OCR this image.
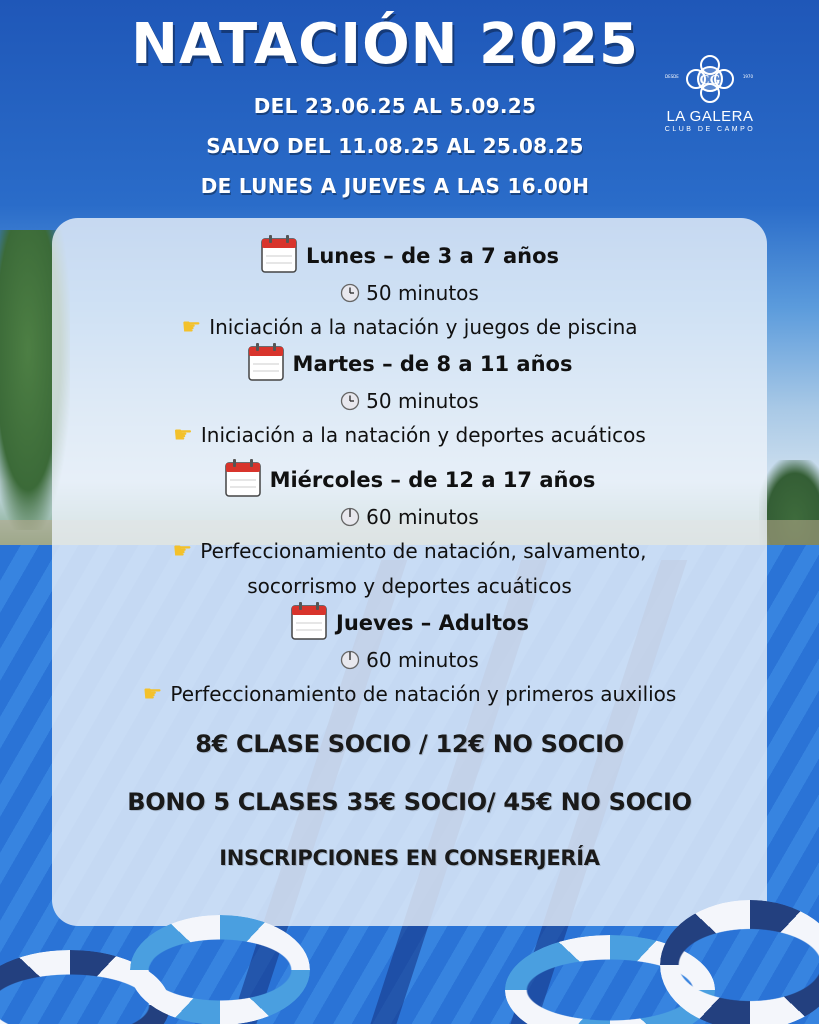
NATACIÓN 2025
DEL 23.06.25 AL 5.09.25
SALVO DEL 11.08.25 AL 25.08.25
DE LUNES A JUEVES A LAS 16.00H
CG
DESDE	1970
LA GALERA
CLUB DE CAMPO
Lunes – de 3 a 7 años
50 minutos
☛ Iniciación a la natación y juegos de piscina
Martes – de 8 a 11 años
50 minutos
☛ Iniciación a la natación y deportes acuáticos
Miércoles – de 12 a 17 años
60 minutos
☛ Perfeccionamiento de natación, salvamento,
socorrismo y deportes acuáticos
Jueves – Adultos
60 minutos
☛ Perfeccionamiento de natación y primeros auxilios
8€ CLASE SOCIO / 12€ NO SOCIO
BONO 5 CLASES 35€ SOCIO/ 45€ NO SOCIO
INSCRIPCIONES EN CONSERJERÍA
